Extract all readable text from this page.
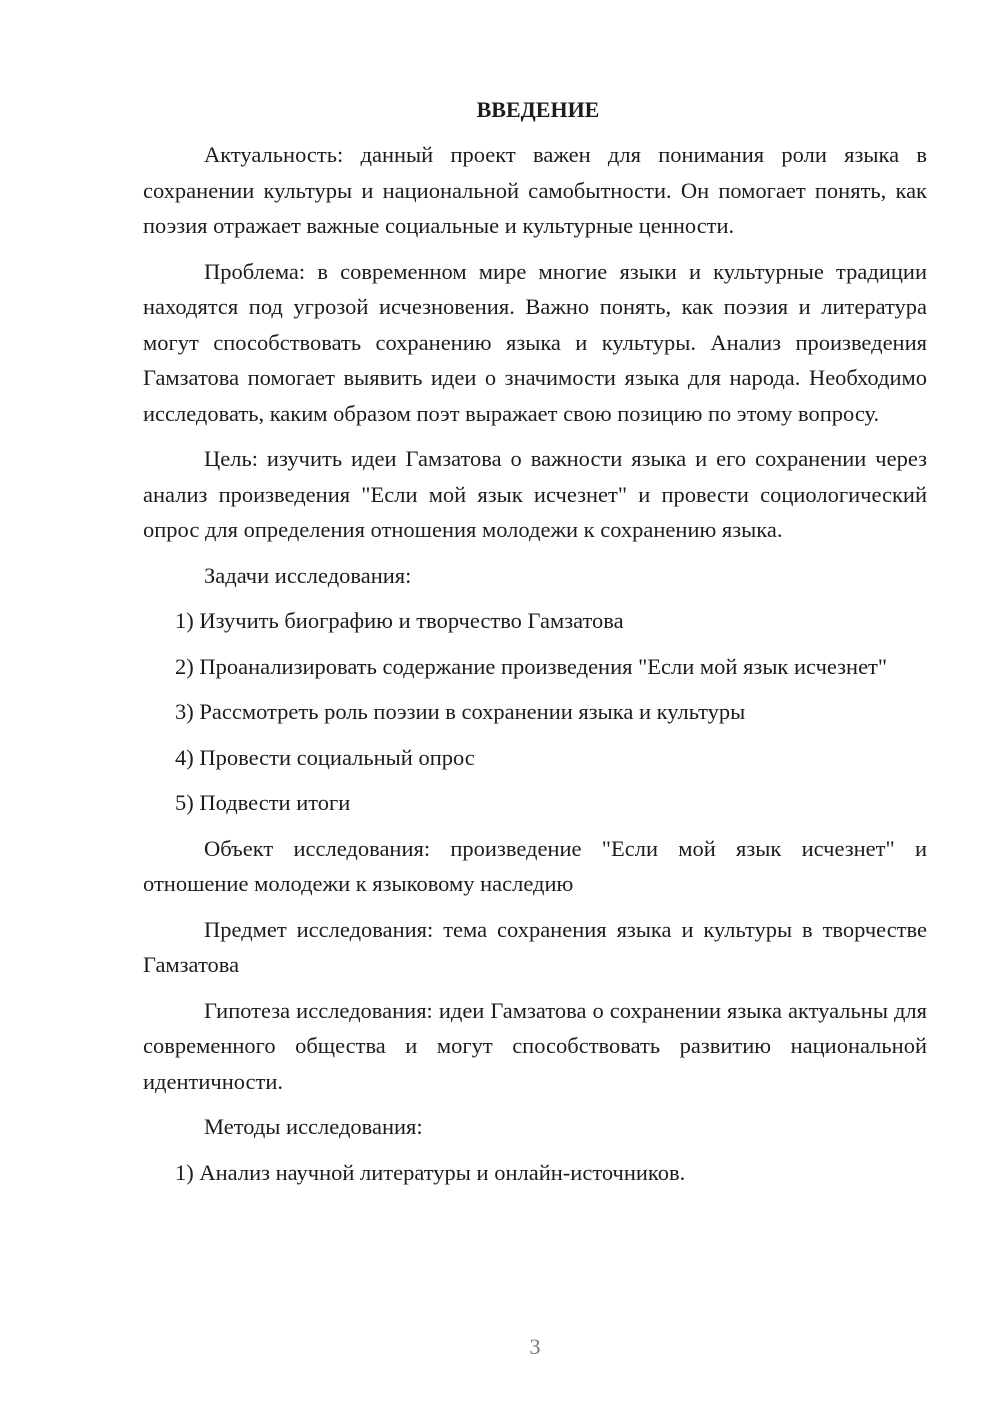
ВВЕДЕНИЕ

Актуальность: данный проект важен для понимания роли языка в сохранении культуры и национальной самобытности. Он помогает понять, как поэзия отражает важные социальные и культурные ценности.

Проблема: в современном мире многие языки и культурные традиции находятся под угрозой исчезновения. Важно понять, как поэзия и литература могут способствовать сохранению языка и культуры. Анализ произведения Гамзатова помогает выявить идеи о значимости языка для народа. Необходимо исследовать, каким образом поэт выражает свою позицию по этому вопросу.

Цель: изучить идеи Гамзатова о важности языка и его сохранении через анализ произведения "Если мой язык исчезнет" и провести социологический опрос для определения отношения молодежи к сохранению языка.

Задачи исследования:

1) Изучить биографию и творчество Гамзатова

2) Проанализировать содержание произведения "Если мой язык исчезнет"

3) Рассмотреть роль поэзии в сохранении языка и культуры

4) Провести социальный опрос

5) Подвести итоги

Объект исследования: произведение "Если мой язык исчезнет" и отношение молодежи к языковому наследию

Предмет исследования: тема сохранения языка и культуры в творчестве Гамзатова

Гипотеза исследования: идеи Гамзатова о сохранении языка актуальны для современного общества и могут способствовать развитию национальной идентичности.

Методы исследования:

1) Анализ научной литературы и онлайн-источников.

3
